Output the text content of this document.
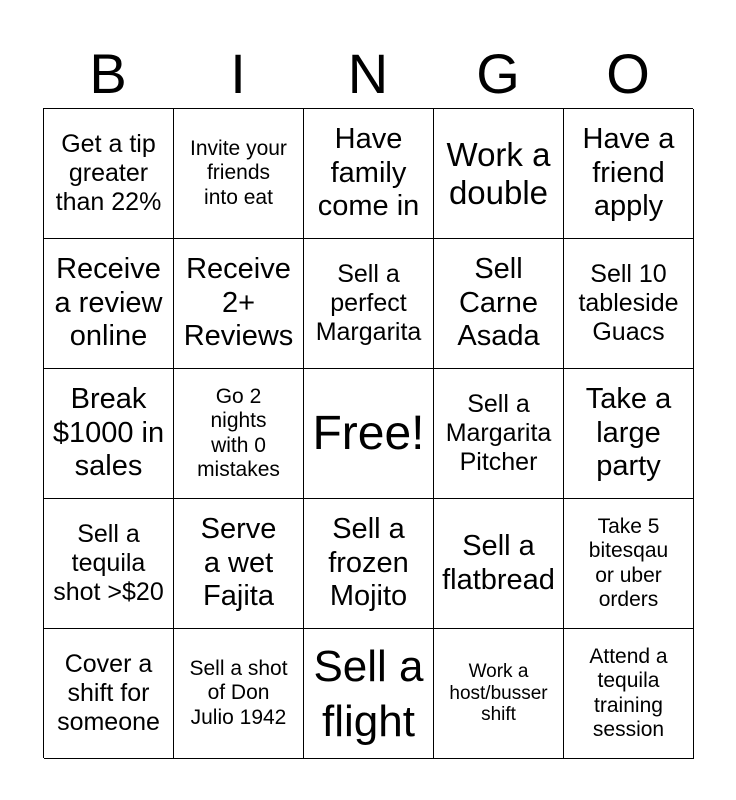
B	I	N	G	O
Get a tip
greater
than 22%
Invite your
friends
into eat
Have
family
come in
Work a
double
Have a
friend
apply
Receive
a review
online
Receive
2+
Reviews
Sell a
perfect
Margarita
Sell
Carne
Asada
Sell 10
tableside
Guacs
Break
$1000 in
sales
Go 2
nights
with 0
mistakes
Free!
Sell a
Margarita
Pitcher
Take a
large
party
Sell a
tequila
shot >$20
Serve
a wet
Fajita
Sell a
frozen
Mojito
Sell a
flatbread
Take 5
bitesqau
or uber
orders
Cover a
shift for
someone
Sell a shot
of Don
Julio 1942
Sell a
flight
Work a
host/busser
shift
Attend a
tequila
training
session
